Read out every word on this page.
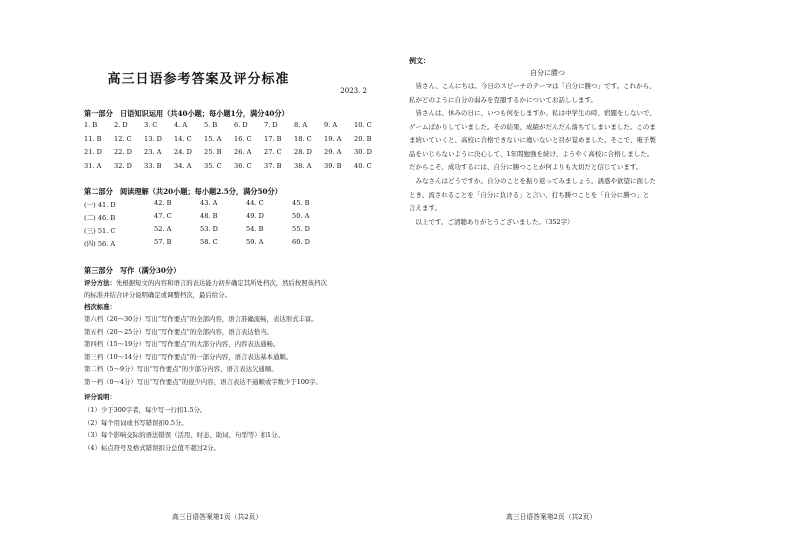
高三日语参考答案及评分标准
2023. 2
第一部分　日语知识运用（共40小题；每小题1分，满分40分）
1. B	2. D	3. C	4. A	5. B	6. D	7. D	8. A	9. A	10. C
11. B	12. C	13. D	14. C	15. A	16. C	17. B	18. C	19. A	20. B
21. D	22. D	23. A	24. D	25. B	26. A	27. C	28. D	29. A	30. D
31. A	32. D	33. B	34. A	35. C	36. C	37. B	38. A	39. B	40. C
第二部分　阅读理解（共20小题；每小题2.5分，满分50分）
(一) 41. D	42. B	43. A	44. C	45. B
(二) 46. B	47. C	48. B	49. D	50. A
(三) 51. C	52. A	53. D	54. B	55. D
(四) 56. A	57. B	58. C	59. A	60. D
第三部分　写作（满分30分）
评分方法：先根据短文的内容和语言的表达能力初步确定其所处档次，然后按照该档次
的标准并结合评分说明确定或调整档次，最后给分。
档次标准：
第六档（26～30分）写出“写作要点”的全部内容，语言准确流畅，表达形式丰富。
第五档（20～25分）写出“写作要点”的全部内容，语言表达恰当。
第四档（15～19分）写出“写作要点”的大部分内容，内容表达通畅。
第三档（10～14分）写出“写作要点”的一部分内容，语言表达基本通顺。
第二档（5～9分）写出“写作要点”的少部分内容，语言表达欠通顺。
第一档（0～4分）写出“写作要点”的很少内容，语言表达不通顺或字数少于100字。
评分说明：
（1）少于300字者，每少写一行扣1.5分。
（2）每个用词或书写错误扣0.5分。
（3）每个影响交际的语法错误（活用、时态、助词、句型等）扣1分。
（4）标点符号及格式错误扣分总值不超过2分。
高三日语答案第1页（共2页）
例文：
自分に勝つ
　皆さん、こんにちは。今日のスピーチのテーマは「自分に勝つ」です。これから、
私がどのように自分の弱みを克服するかについてお話しします。
　皆さんは、休みの日に、いつも何をしますか。私は中学生の時、宿題をしないで、
ゲームばかりしていました。その結果、成績がだんだん落ちてしまいました。このま
ま続いていくと、高校に合格できないに違いないと目が覚めました。そこで、電子製
品をいじらないように決心して、1年間勉強を続け、ようやく高校に合格しました。
だからこそ、成功するには、自分に勝つことが何よりも大切だと信じています。
　みなさんはどうですか。自分のことを振り返ってみましょう。誘惑や欲望に面した
とき、流されることを「自分に負ける」と言い、打ち勝つことを「自分に勝つ」と
言えます。
　以上です。ご清聴ありがとうございました。（352字）
高三日语答案第2页（共2页）
